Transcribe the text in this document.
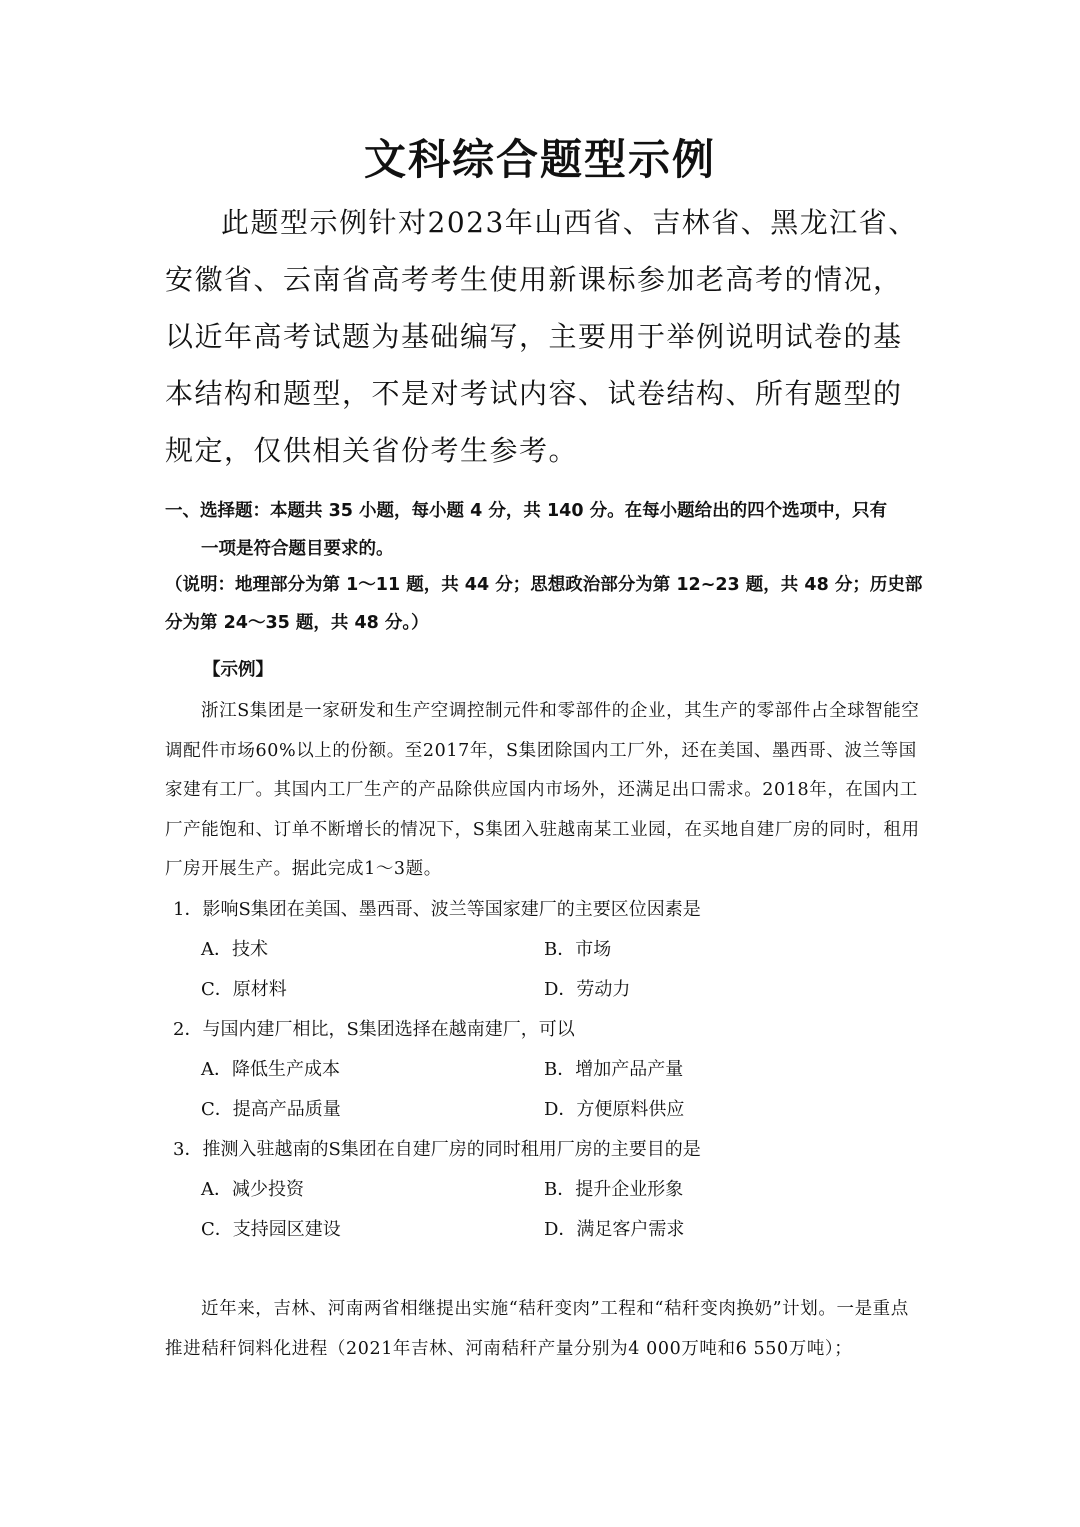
文科综合题型示例

此题型示例针对2023年山西省、吉林省、黑龙江省、安徽省、云南省高考考生使用新课标参加老高考的情况，以近年高考试题为基础编写，主要用于举例说明试卷的基本结构和题型，不是对考试内容、试卷结构、所有题型的规定，仅供相关省份考生参考。

一、选择题：本题共 35 小题，每小题 4 分，共 140 分。在每小题给出的四个选项中，只有
一项是符合题目要求的。
（说明：地理部分为第 1～11 题，共 44 分；思想政治部分为第 12~23 题，共 48 分；历史部分为第 24～35 题，共 48 分。）
【示例】

浙江S集团是一家研发和生产空调控制元件和零部件的企业，其生产的零部件占全球智能空调配件市场60%以上的份额。至2017年，S集团除国内工厂外，还在美国、墨西哥、波兰等国家建有工厂。其国内工厂生产的产品除供应国内市场外，还满足出口需求。2018年，在国内工厂产能饱和、订单不断增长的情况下，S集团入驻越南某工业园，在买地自建厂房的同时，租用厂房开展生产。据此完成1～3题。

1．影响S集团在美国、墨西哥、波兰等国家建厂的主要区位因素是
A．技术	B．市场
C．原材料	D．劳动力
2．与国内建厂相比，S集团选择在越南建厂，可以
A．降低生产成本	B．增加产品产量
C．提高产品质量	D．方便原料供应
3．推测入驻越南的S集团在自建厂房的同时租用厂房的主要目的是
A．减少投资	B．提升企业形象
C．支持园区建设	D．满足客户需求

近年来，吉林、河南两省相继提出实施“秸秆变肉”工程和“秸秆变肉换奶”计划。一是重点推进秸秆饲料化进程（2021年吉林、河南秸秆产量分别为4 000万吨和6 550万吨）；
